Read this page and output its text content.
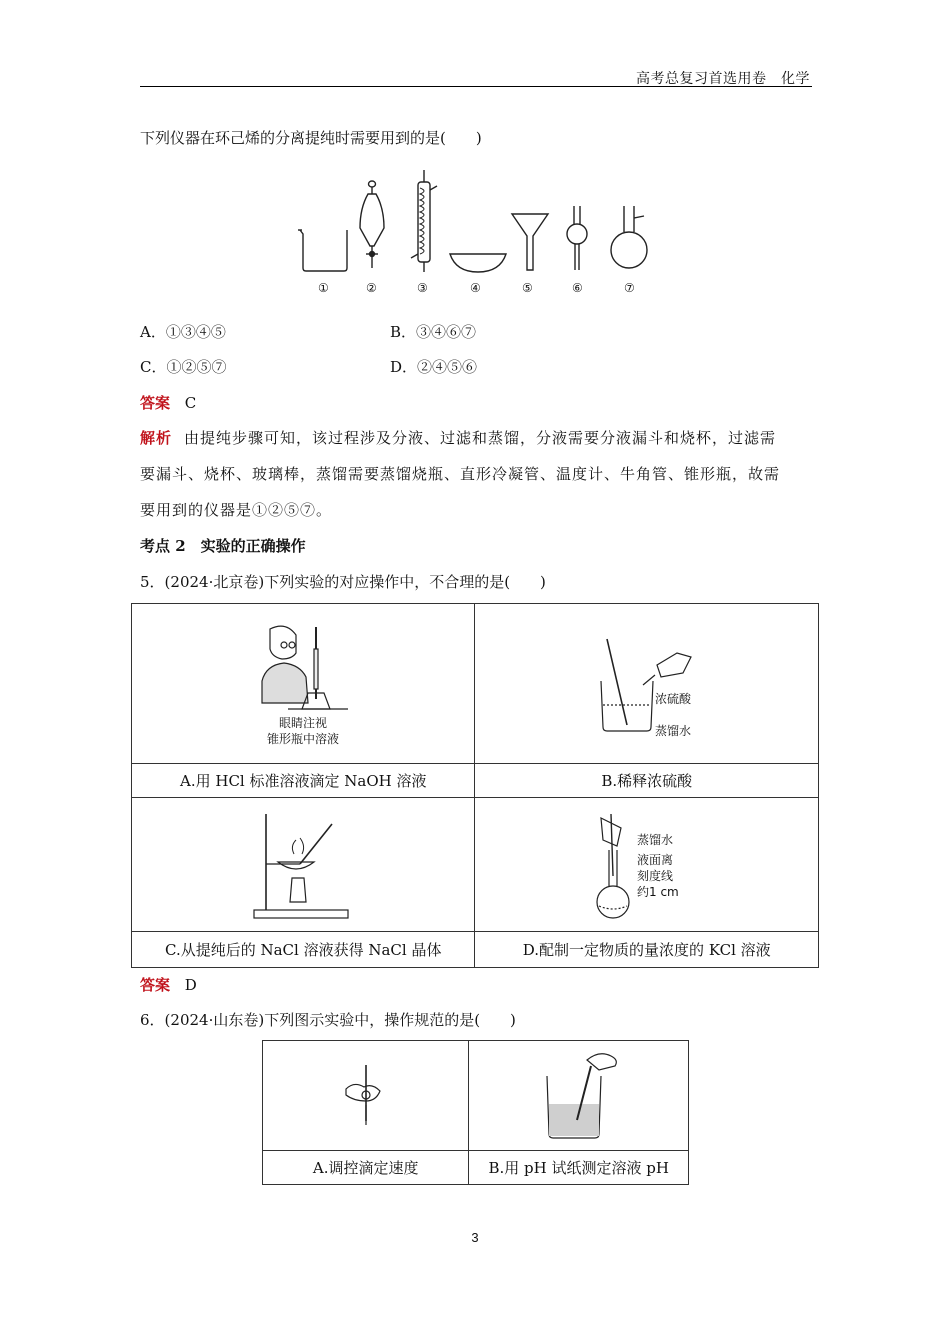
高考总复习首选用卷　化学
下列仪器在环己烯的分离提纯时需要用到的是(　　)
①	②	③	④	⑤	⑥	⑦
A．①③④⑤	B．③④⑥⑦
C．①②⑤⑦	D．②④⑤⑥
答案 C
解析 由提纯步骤可知，该过程涉及分液、过滤和蒸馏，分液需要分液漏斗和烧杯，过滤需
要漏斗、烧杯、玻璃棒，蒸馏需要蒸馏烧瓶、直形冷凝管、温度计、牛角管、锥形瓶，故需
要用到的仪器是①②⑤⑦。
考点 2　实验的正确操作
5．(2024·北京卷)下列实验的对应操作中，不合理的是(　　)
眼睛注视
锥形瓶中溶液	浓硫酸
蒸馏水

A.用 HCl 标准溶液滴定 NaOH 溶液	B.稀释浓硫酸

蒸馏水
液面离
刻度线
约1 cm

C.从提纯后的 NaCl 溶液获得 NaCl 晶体	D.配制一定物质的量浓度的 KCl 溶液
答案 D
6．(2024·山东卷)下列图示实验中，操作规范的是(　　)

A.调控滴定速度	B.用 pH 试纸测定溶液 pH
3
